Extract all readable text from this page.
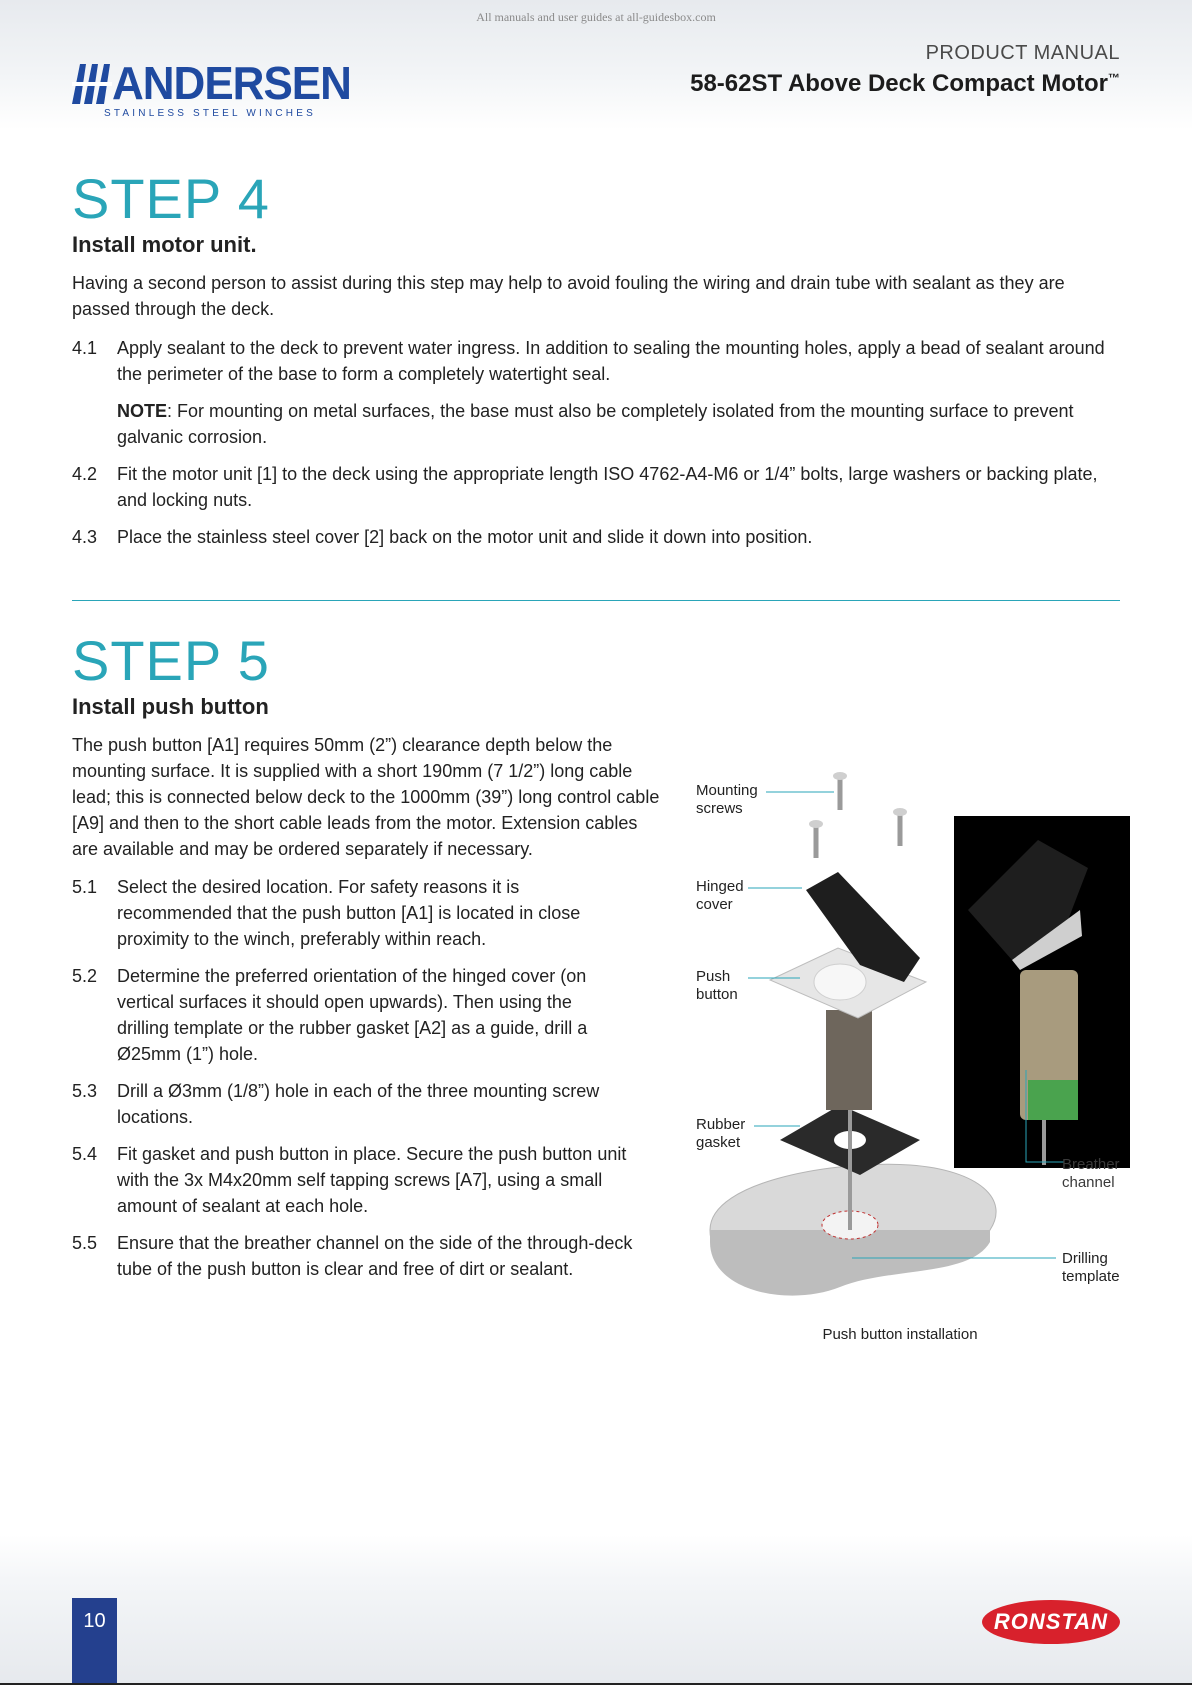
All manuals and user guides at all-guidesbox.com
ANDERSEN
STAINLESS STEEL WINCHES
PRODUCT MANUAL
58-62ST Above Deck Compact Motor™
STEP 4
Install motor unit.

Having a second person to assist during this step may help to avoid fouling the wiring and drain tube with sealant as they are passed through the deck.

4.1	Apply sealant to the deck to prevent water ingress. In addition to sealing the mounting holes, apply a bead of sealant around the perimeter of the base to form a completely watertight seal.
NOTE: For mounting on metal surfaces, the base must also be completely isolated from the mounting surface to prevent galvanic corrosion.
4.2	Fit the motor unit [1] to the deck using the appropriate length ISO 4762-A4-M6 or 1/4” bolts, large washers or backing plate, and locking nuts.
4.3	Place the stainless steel cover [2] back on the motor unit and slide it down into position.
STEP 5
Install push button

The push button [A1] requires 50mm (2”) clearance depth below the mounting surface. It is supplied with a short 190mm (7 1/2”) long cable lead; this is connected below deck to the 1000mm (39”) long control cable [A9] and then to the short cable leads from the motor. Extension cables are available and may be ordered separately if necessary.

5.1	Select the desired location. For safety reasons it is recommended that the push button [A1] is located in close proximity to the winch, preferably within reach.
5.2	Determine the preferred orientation of the hinged cover (on vertical surfaces it should open upwards). Then using the drilling template or the rubber gasket [A2] as a guide, drill a Ø25mm (1”) hole.
5.3	Drill a Ø3mm (1/8”) hole in each of the three mounting screw locations.
5.4	Fit gasket and push button in place. Secure the push button unit with the 3x M4x20mm self tapping screws [A7], using a small amount of sealant at each hole.
5.5	Ensure that the breather channel on the side of the through-deck tube of the push button is clear and free of dirt or sealant.
Mounting
screws
Hinged
cover
Push
button
Rubber
gasket
Breather
channel
Drilling
template
Push button installation
10	RONSTAN
